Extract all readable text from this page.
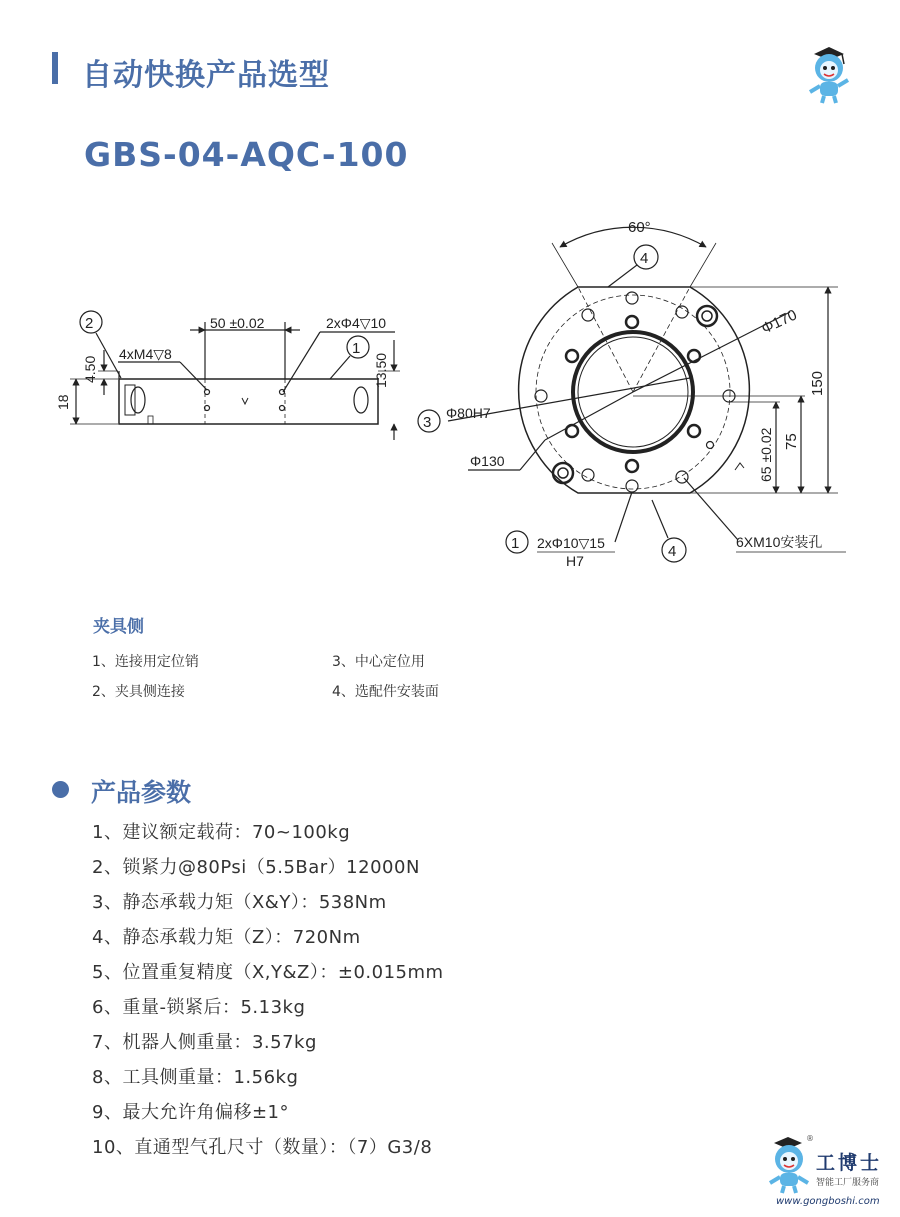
自动快换产品选型
GBS-04-AQC-100
50 ±0.02	2xΦ4▽10
4xM4▽8
4.50
18
13.50
2
1
60°
Φ170
3
Φ80H7
Φ130
150
75
65 ±0.02
4
1 2xΦ10▽15
H7
4
6XM10安装孔
夹具侧
1、连接用定位销	3、中心定位用
2、夹具侧连接	4、选配件安装面
产品参数
1、建议额定载荷：70~100kg
2、锁紧力@80Psi（5.5Bar）12000N
3、静态承载力矩（X&Y）：538Nm
4、静态承载力矩（Z）：720Nm
5、位置重复精度（X,Y&Z）：±0.015mm
6、重量-锁紧后：5.13kg
7、机器人侧重量：3.57kg
8、工具侧重量：1.56kg
9、最大允许角偏移±1°
10、直通型气孔尺寸（数量）：（7）G3/8	®
工博士
智能工厂服务商
www.gongboshi.com
